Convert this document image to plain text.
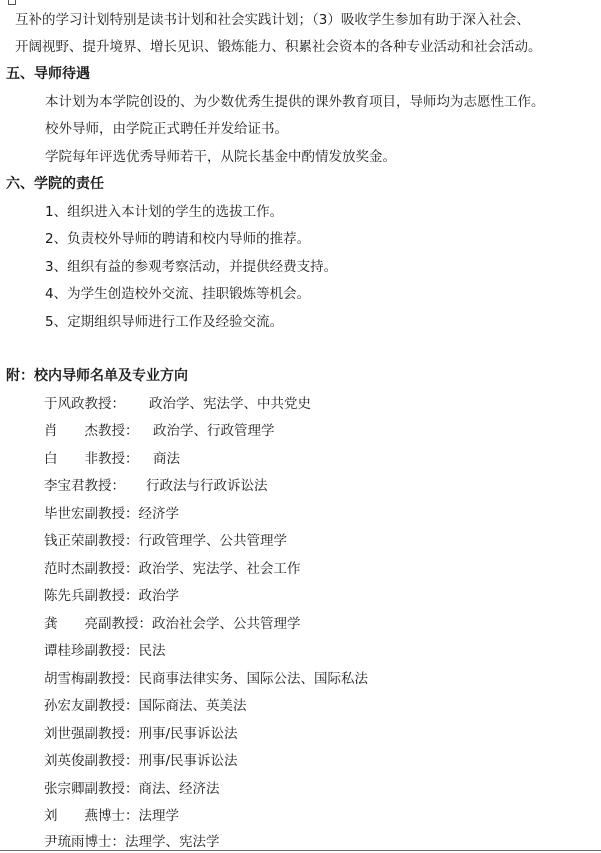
互补的学习计划特别是读书计划和社会实践计划；（3）吸收学生参加有助于深入社会、
开阔视野、提升境界、增长见识、锻炼能力、积累社会资本的各种专业活动和社会活动。
五、导师待遇
本计划为本学院创设的、为少数优秀生提供的课外教育项目，导师均为志愿性工作。
校外导师，由学院正式聘任并发给证书。
学院每年评选优秀导师若干，从院长基金中酌情发放奖金。
六、学院的责任
1、组织进入本计划的学生的选拔工作。
2、负责校外导师的聘请和校内导师的推荐。
3、组织有益的参观考察活动，并提供经费支持。
4、为学生创造校外交流、挂职锻炼等机会。
5、定期组织导师进行工作及经验交流。
附：校内导师名单及专业方向
于风政教授： 政治学、宪法学、中共党史
肖　　杰教授： 政治学、行政管理学
白　　非教授： 商法
李宝君教授： 行政法与行政诉讼法
毕世宏副教授：经济学
钱正荣副教授：行政管理学、公共管理学
范时杰副教授：政治学、宪法学、社会工作
陈先兵副教授：政治学
龚　　亮副教授：政治社会学、公共管理学
谭桂珍副教授：民法
胡雪梅副教授：民商事法律实务、国际公法、国际私法
孙宏友副教授：国际商法、英美法
刘世强副教授：刑事/民事诉讼法
刘英俊副教授：刑事/民事诉讼法
张宗卿副教授：商法、经济法
刘　　燕博士：法理学
尹琉雨博士：法理学、宪法学
